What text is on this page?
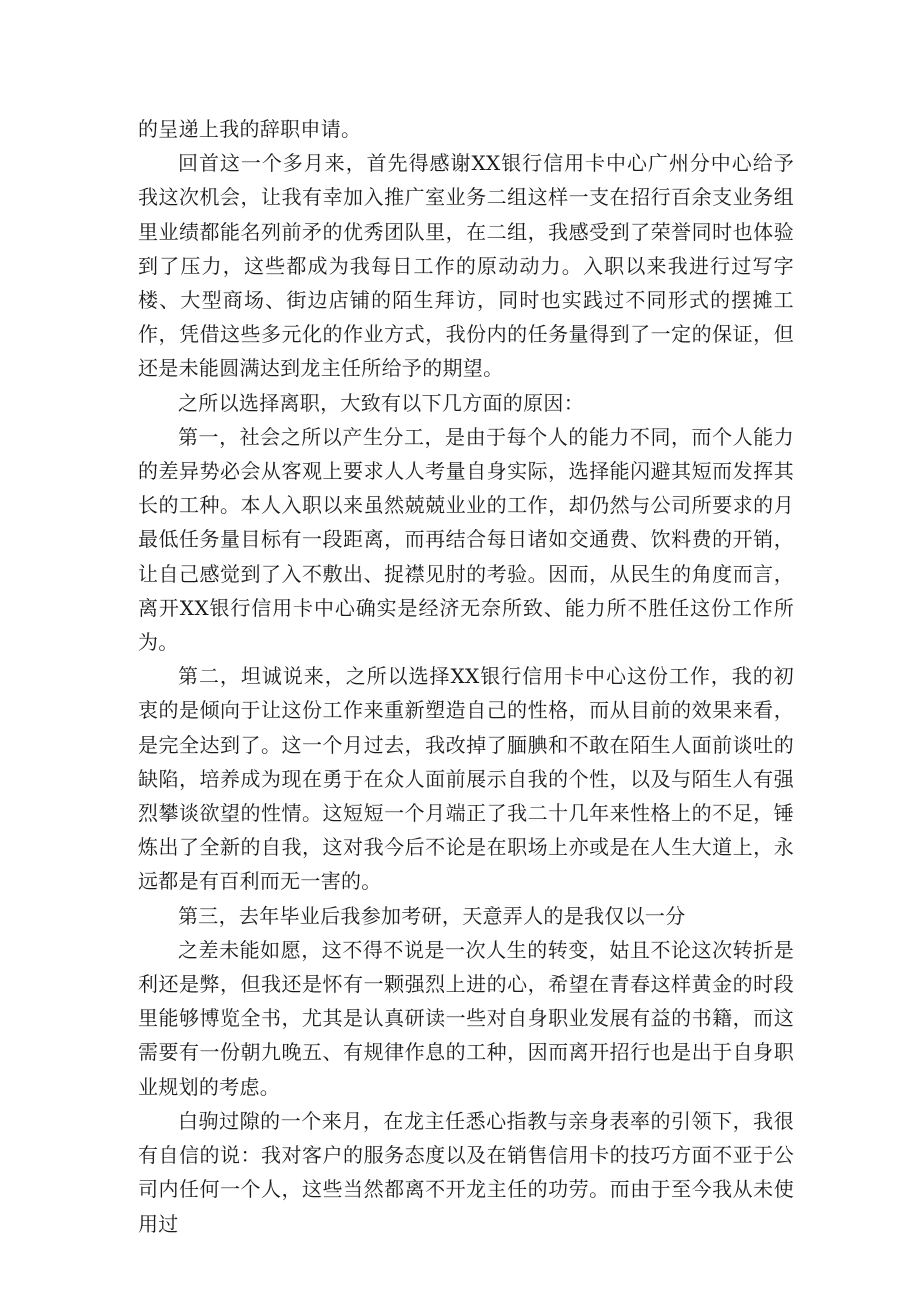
的呈递上我的辞职申请。

回首这一个多月来，首先得感谢XX银行信用卡中心广州分中心给予我这次机会，让我有幸加入推广室业务二组这样一支在招行百余支业务组里业绩都能名列前矛的优秀团队里，在二组，我感受到了荣誉同时也体验到了压力，这些都成为我每日工作的原动动力。入职以来我进行过写字楼、大型商场、街边店铺的陌生拜访，同时也实践过不同形式的摆摊工作，凭借这些多元化的作业方式，我份内的任务量得到了一定的保证，但还是未能圆满达到龙主任所给予的期望。

之所以选择离职，大致有以下几方面的原因：

第一，社会之所以产生分工，是由于每个人的能力不同，而个人能力的差异势必会从客观上要求人人考量自身实际，选择能闪避其短而发挥其长的工种。本人入职以来虽然兢兢业业的工作，却仍然与公司所要求的月最低任务量目标有一段距离，而再结合每日诸如交通费、饮料费的开销，让自己感觉到了入不敷出、捉襟见肘的考验。因而，从民生的角度而言，离开XX银行信用卡中心确实是经济无奈所致、能力所不胜任这份工作所为。

第二，坦诚说来，之所以选择XX银行信用卡中心这份工作，我的初衷的是倾向于让这份工作来重新塑造自己的性格，而从目前的效果来看，是完全达到了。这一个月过去，我改掉了腼腆和不敢在陌生人面前谈吐的缺陷，培养成为现在勇于在众人面前展示自我的个性，以及与陌生人有强烈攀谈欲望的性情。这短短一个月端正了我二十几年来性格上的不足，锤炼出了全新的自我，这对我今后不论是在职场上亦或是在人生大道上，永远都是有百利而无一害的。

第三，去年毕业后我参加考研，天意弄人的是我仅以一分

之差未能如愿，这不得不说是一次人生的转变，姑且不论这次转折是利还是弊，但我还是怀有一颗强烈上进的心，希望在青春这样黄金的时段里能够博览全书，尤其是认真研读一些对自身职业发展有益的书籍，而这需要有一份朝九晚五、有规律作息的工种，因而离开招行也是出于自身职业规划的考虑。

白驹过隙的一个来月，在龙主任悉心指教与亲身表率的引领下，我很有自信的说：我对客户的服务态度以及在销售信用卡的技巧方面不亚于公司内任何一个人，这些当然都离不开龙主任的功劳。而由于至今我从未使用过
